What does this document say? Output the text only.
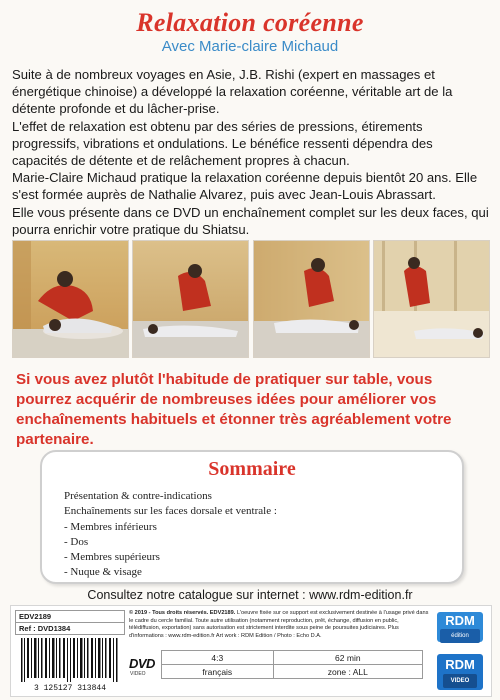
Relaxation coréenne
Avec Marie-claire Michaud

Suite à de nombreux voyages en Asie, J.B. Rishi (expert en massages et énergétique chinoise) a développé la relaxation coréenne, véritable art de la détente profonde et du lâcher-prise.

L'effet de relaxation est obtenu par des séries de pressions, étirements progressifs, vibrations et ondulations. Le bénéfice ressenti dépendra des capacités de détente et de relâchement propres à chacun.

Marie-Claire Michaud pratique la relaxation coréenne depuis bientôt 20 ans. Elle s'est formée auprès de Nathalie Alvarez, puis avec Jean-Louis Abrassart.

Elle vous présente dans ce DVD un enchaînement complet sur les deux faces, qui pourra enrichir votre pratique du Shiatsu.

Si vous avez plutôt l'habitude de pratiquer sur table, vous pourrez acquérir de nombreuses idées pour améliorer vos enchaînements habituels et étonner très agréablement votre partenaire.
Sommaire
Présentation & contre-indications
Enchaînements sur les faces dorsale et ventrale :
- Membres inférieurs
- Dos
- Membres supérieurs
- Nuque & visage
Consultez notre catalogue sur internet : www.rdm-edition.fr
EDV2189
Ref : DVD1384
3 125127 313844
© 2019 - Tous droits réservés. EDV2189. L'oeuvre fixée sur ce support est exclusivement destinée à l'usage privé dans le cadre du cercle familial. Toute autre utilisation (notamment reproduction, prêt, échange, diffusion en public, télédiffusion, exportation) sans autorisation est strictement interdite sous peine de poursuites judiciaires. Plus d'informations : www.rdm-edition.fr Art work : RDM Edition / Photo : Echo D.A.
DVD
VIDEO
4:3	62 min
français	zone : ALL
RDM
édition
RDM
VIDEO
